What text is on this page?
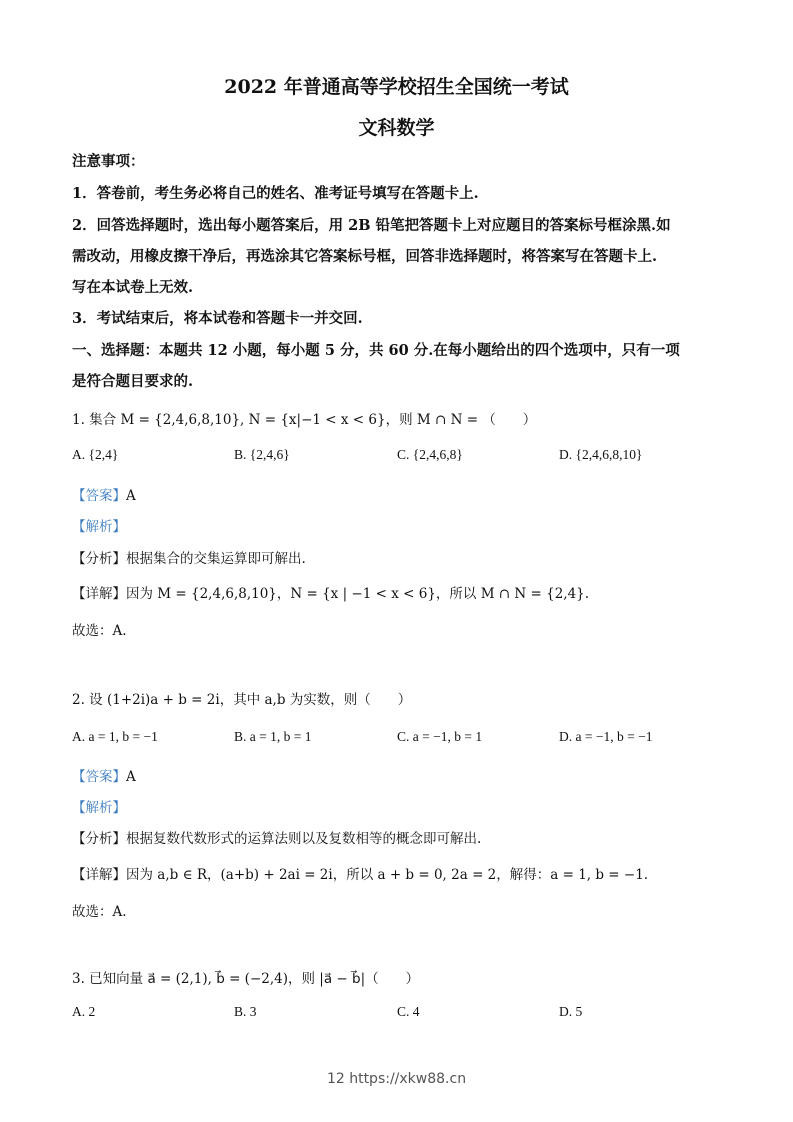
2022 年普通高等学校招生全国统一考试
文科数学
注意事项：
1．答卷前，考生务必将自己的姓名、准考证号填写在答题卡上.
2．回答选择题时，选出每小题答案后，用 2B 铅笔把答题卡上对应题目的答案标号框涂黑.如
需改动，用橡皮擦干净后，再选涂其它答案标号框，回答非选择题时，将答案写在答题卡上.
写在本试卷上无效.
3．考试结束后，将本试卷和答题卡一并交回.
一、选择题：本题共 12 小题，每小题 5 分，共 60 分.在每小题给出的四个选项中，只有一项
是符合题目要求的.
1. 集合 M = {2,4,6,8,10}, N = {x|−1 < x < 6}，则 M ∩ N = （　　）
A. {2,4}	B. {2,4,6}	C. {2,4,6,8}	D. {2,4,6,8,10}
【答案】A
【解析】
【分析】根据集合的交集运算即可解出.
【详解】因为 M = {2,4,6,8,10}，N = {x | −1 < x < 6}，所以 M ∩ N = {2,4}.
故选：A.
2. 设 (1+2i)a + b = 2i，其中 a,b 为实数，则（　　）
A. a = 1, b = −1	B. a = 1, b = 1	C. a = −1, b = 1	D. a = −1, b = −1
【答案】A
【解析】
【分析】根据复数代数形式的运算法则以及复数相等的概念即可解出.
【详解】因为 a,b ∈ R，(a+b) + 2ai = 2i，所以 a + b = 0, 2a = 2，解得：a = 1, b = −1.
故选：A.
3. 已知向量 a⃗ = (2,1), b⃗ = (−2,4)，则 |a⃗ − b⃗|（　　）
A. 2	B. 3	C. 4	D. 5
12 https://xkw88.cn
